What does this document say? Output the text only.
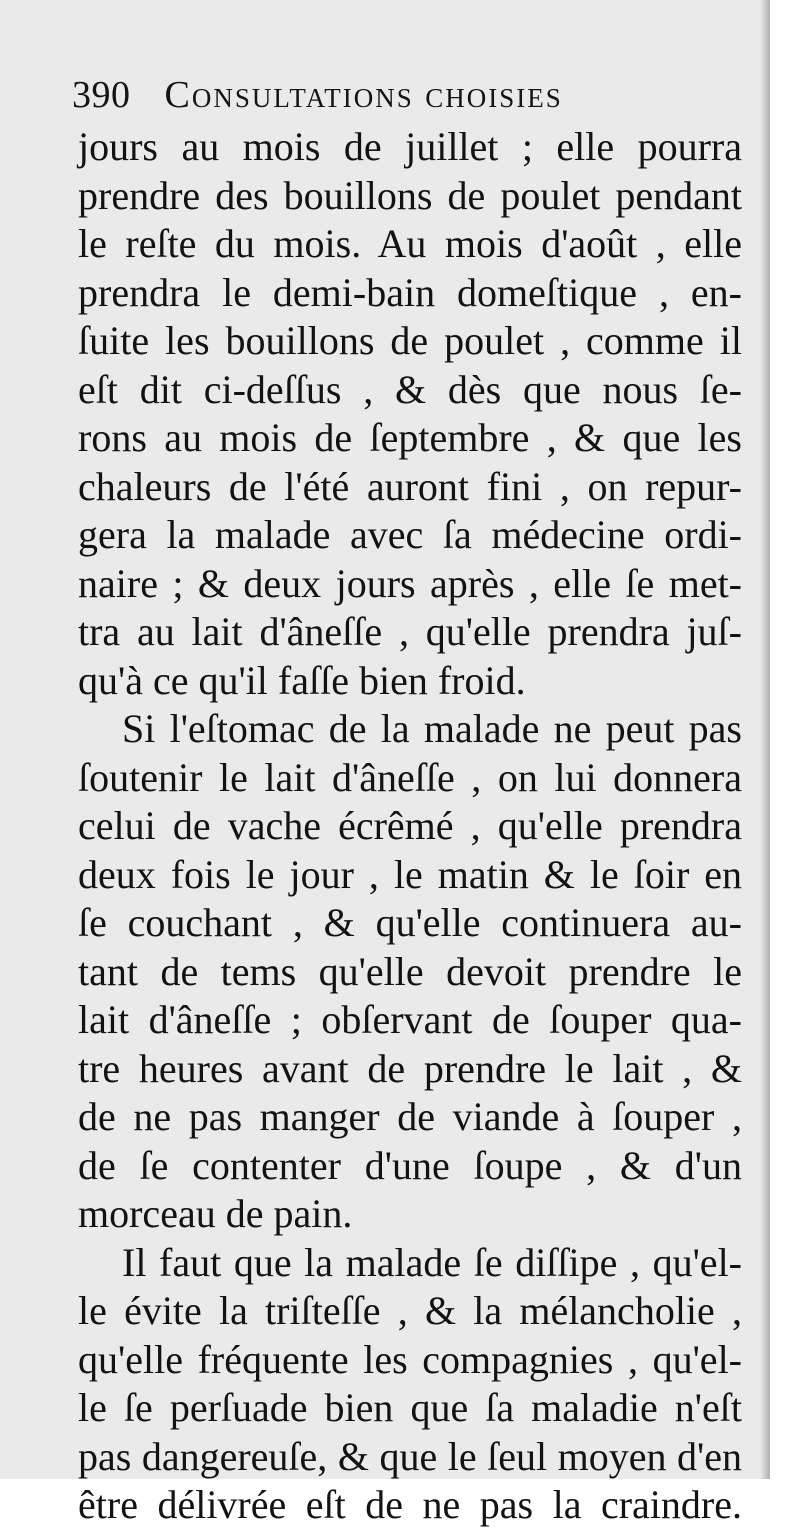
390 Consultations choisies
jours au mois de juillet ; elle pourra
prendre des bouillons de poulet pendant
le reſte du mois. Au mois d'août , elle
prendra le demi-bain domeſtique , en-
ſuite les bouillons de poulet , comme il
eſt dit ci-deſſus , & dès que nous ſe-
rons au mois de ſeptembre , & que les
chaleurs de l'été auront fini , on repur-
gera la malade avec ſa médecine ordi-
naire ; & deux jours après , elle ſe met-
tra au lait d'âneſſe , qu'elle prendra juſ-
qu'à ce qu'il faſſe bien froid.
Si l'eſtomac de la malade ne peut pas
ſoutenir le lait d'âneſſe , on lui donnera
celui de vache écrêmé , qu'elle prendra
deux fois le jour , le matin & le ſoir en
ſe couchant , & qu'elle continuera au-
tant de tems qu'elle devoit prendre le
lait d'âneſſe ; obſervant de ſouper qua-
tre heures avant de prendre le lait , &
de ne pas manger de viande à ſouper ,
de ſe contenter d'une ſoupe , & d'un
morceau de pain.
Il faut que la malade ſe diſſipe , qu'el-
le évite la triſteſſe , & la mélancholie ,
qu'elle fréquente les compagnies , qu'el-
le ſe perſuade bien que ſa maladie n'eſt
pas dangereuſe, & que le ſeul moyen d'en
être délivrée eſt de ne pas la craindre.
